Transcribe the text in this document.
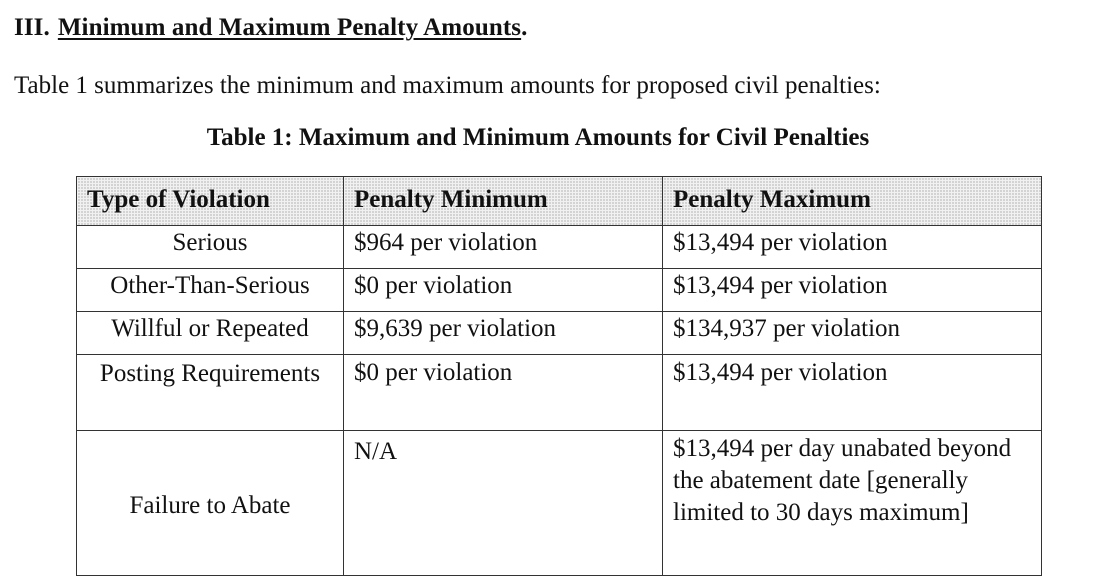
III. Minimum and Maximum Penalty Amounts.
Table 1 summarizes the minimum and maximum amounts for proposed civil penalties:
Table 1: Maximum and Minimum Amounts for Civil Penalties
Type of Violation	Penalty Minimum	Penalty Maximum
Serious	$964 per violation	$13,494 per violation
Other-Than-Serious	$0 per violation	$13,494 per violation
Willful or Repeated	$9,639 per violation	$134,937 per violation
Posting Requirements	$0 per violation	$13,494 per violation
Failure to Abate	N/A	$13,494 per day unabated beyond the abatement date [generally limited to 30 days maximum]
